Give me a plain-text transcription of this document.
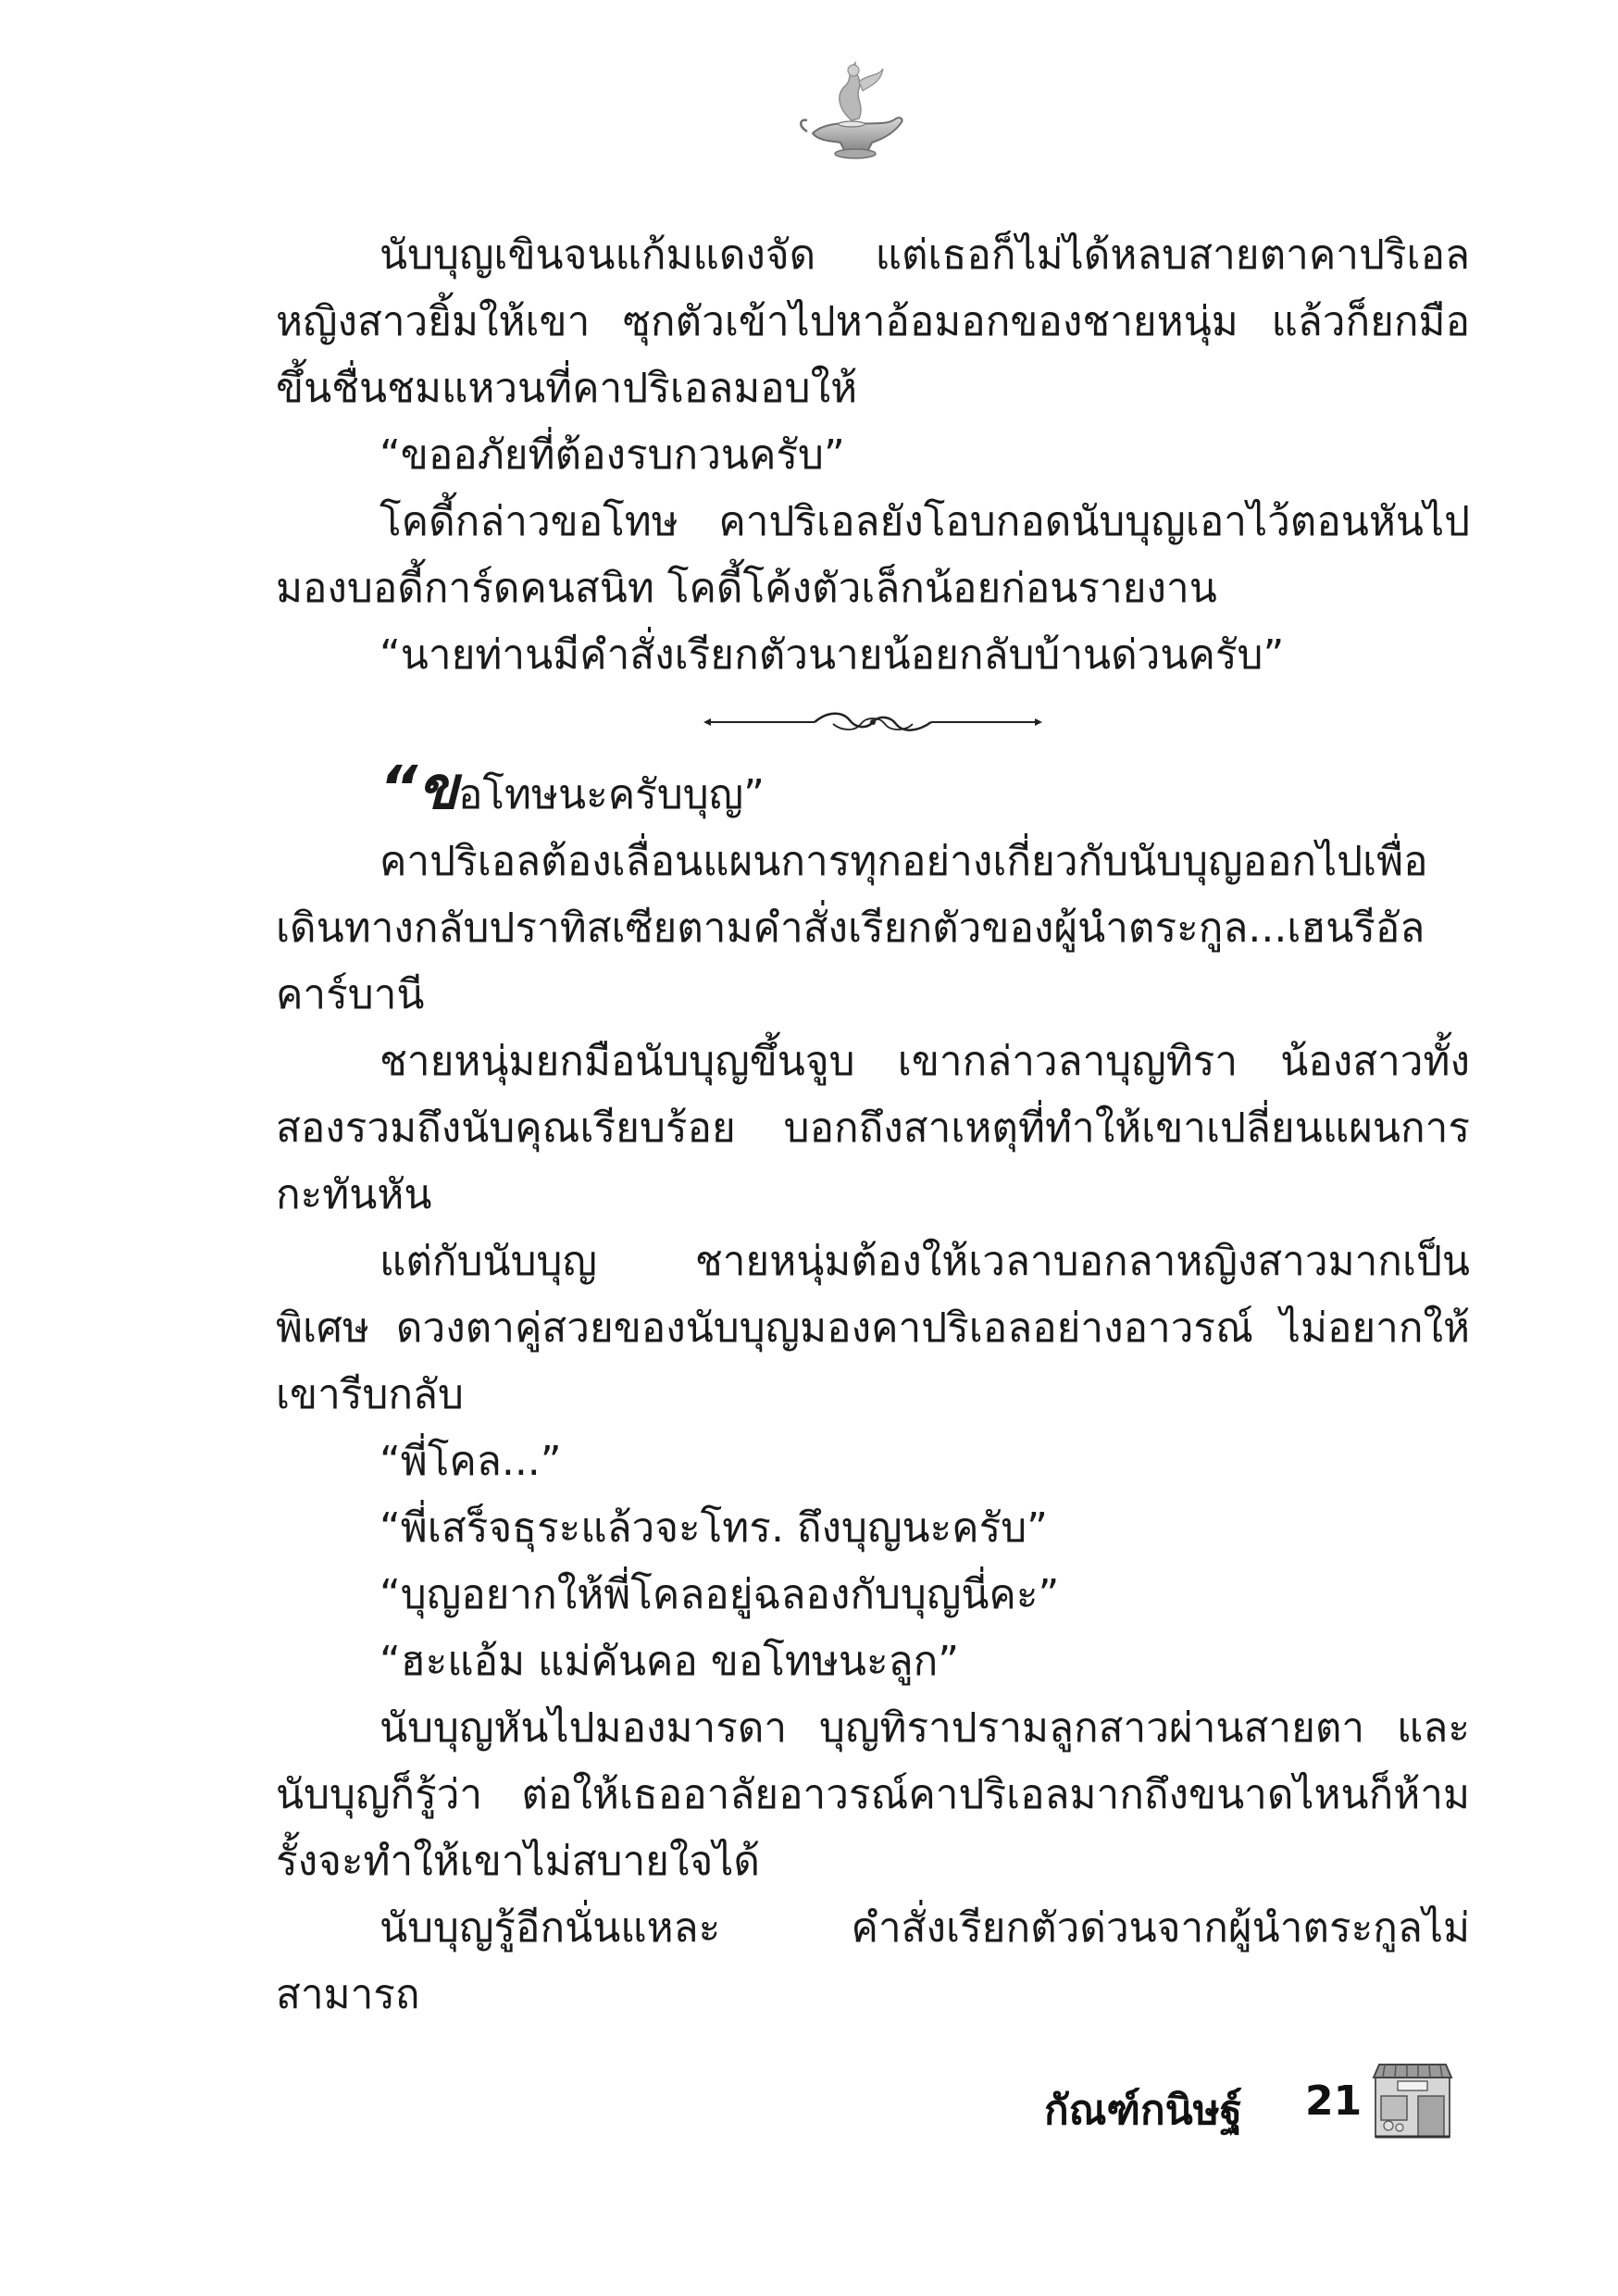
นับบุญเขินจนแก้มแดงจัด แต่เธอก็ไม่ได้หลบสายตาคาปริเอล หญิงสาวยิ้มให้เขา ซุกตัวเข้าไปหาอ้อมอกของชายหนุ่ม แล้วก็ยกมือขึ้นชื่นชมแหวนที่คาปริเอลมอบให้

“ขออภัยที่ต้องรบกวนครับ”

โคดี้กล่าวขอโทษ คาปริเอลยังโอบกอดนับบุญเอาไว้ตอนหันไปมองบอดี้การ์ดคนสนิท โคดี้โค้งตัวเล็กน้อยก่อนรายงาน

“นายท่านมีคำสั่งเรียกตัวนายน้อยกลับบ้านด่วนครับ”

“ขอโทษนะครับบุญ”

คาปริเอลต้องเลื่อนแผนการทุกอย่างเกี่ยวกับนับบุญออกไปเพื่อเดินทางกลับปราทิสเซียตามคำสั่งเรียกตัวของผู้นำตระกูล...เฮนรีอัล คาร์บานี

ชายหนุ่มยกมือนับบุญขึ้นจูบ เขากล่าวลาบุญทิรา น้องสาวทั้งสองรวมถึงนับคุณเรียบร้อย บอกถึงสาเหตุที่ทำให้เขาเปลี่ยนแผนการกะทันหัน

แต่กับนับบุญ ชายหนุ่มต้องให้เวลาบอกลาหญิงสาวมากเป็นพิเศษ ดวงตาคู่สวยของนับบุญมองคาปริเอลอย่างอาวรณ์ ไม่อยากให้เขารีบกลับ

“พี่โคล...”

“พี่เสร็จธุระแล้วจะโทร. ถึงบุญนะครับ”

“บุญอยากให้พี่โคลอยู่ฉลองกับบุญนี่คะ”

“ฮะแอ้ม แม่คันคอ ขอโทษนะลูก”

นับบุญหันไปมองมารดา บุญทิราปรามลูกสาวผ่านสายตา และนับบุญก็รู้ว่า ต่อให้เธออาลัยอาวรณ์คาปริเอลมากถึงขนาดไหนก็ห้ามรั้งจะทำให้เขาไม่สบายใจได้

นับบุญรู้อีกนั่นแหละ คำสั่งเรียกตัวด่วนจากผู้นำตระกูลไม่สามารถ

กัณฑ์กนิษฐ์ 21
